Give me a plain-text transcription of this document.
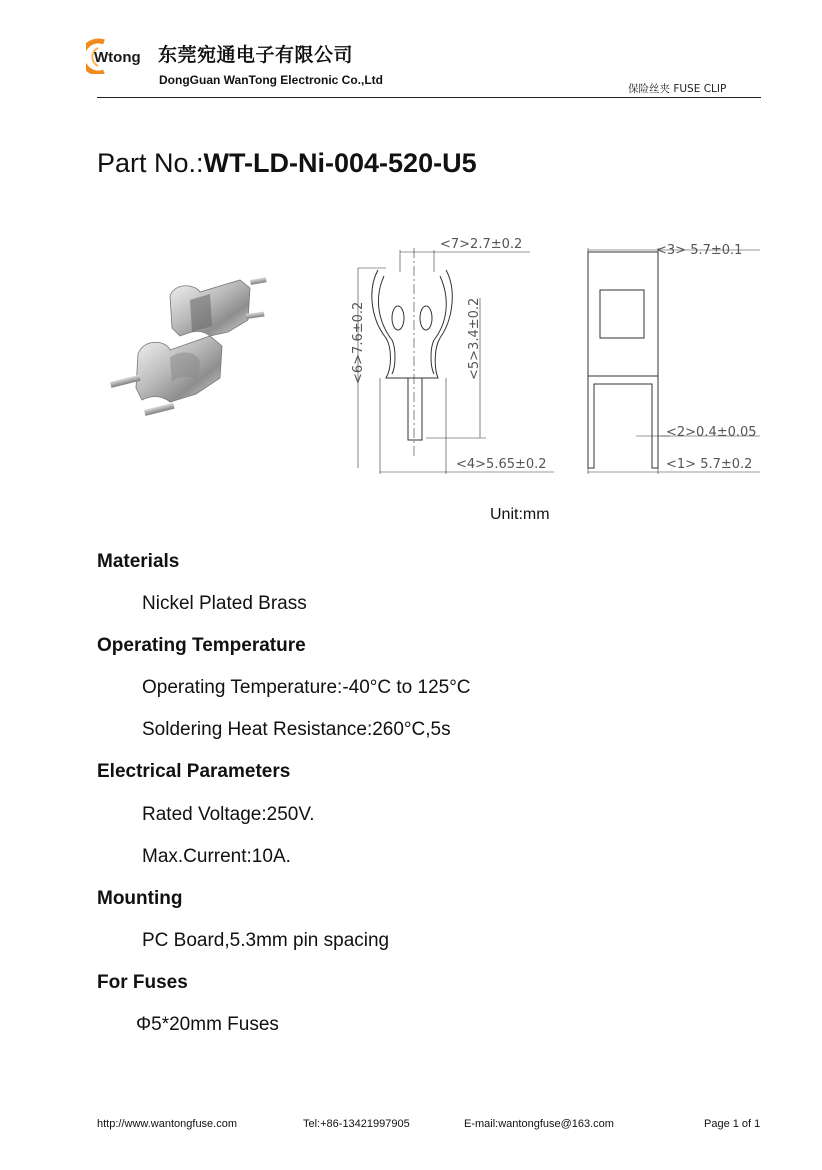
Wtong 东莞宛通电子有限公司
DongGuan WanTong Electronic Co.,Ltd
保险丝夹 FUSE CLIP
Part No.:WT-LD-Ni-004-520-U5
<7>2.7±0.2	<3> 5.7±0.1
<6>7.6±0.2	<5>3.4±0.2
<4>5.65±0.2
<2>0.4±0.05
<1> 5.7±0.2
Unit:mm
Materials
Nickel Plated Brass
Operating Temperature
Operating Temperature:-40°C to 125°C
Soldering Heat Resistance:260°C,5s
Electrical Parameters
Rated Voltage:250V.
Max.Current:10A.
Mounting
PC Board,5.3mm pin spacing
For Fuses
Φ5*20mm Fuses
http://www.wantongfuse.com	Tel:+86-13421997905	E-mail:wantongfuse@163.com	Page 1 of 1
